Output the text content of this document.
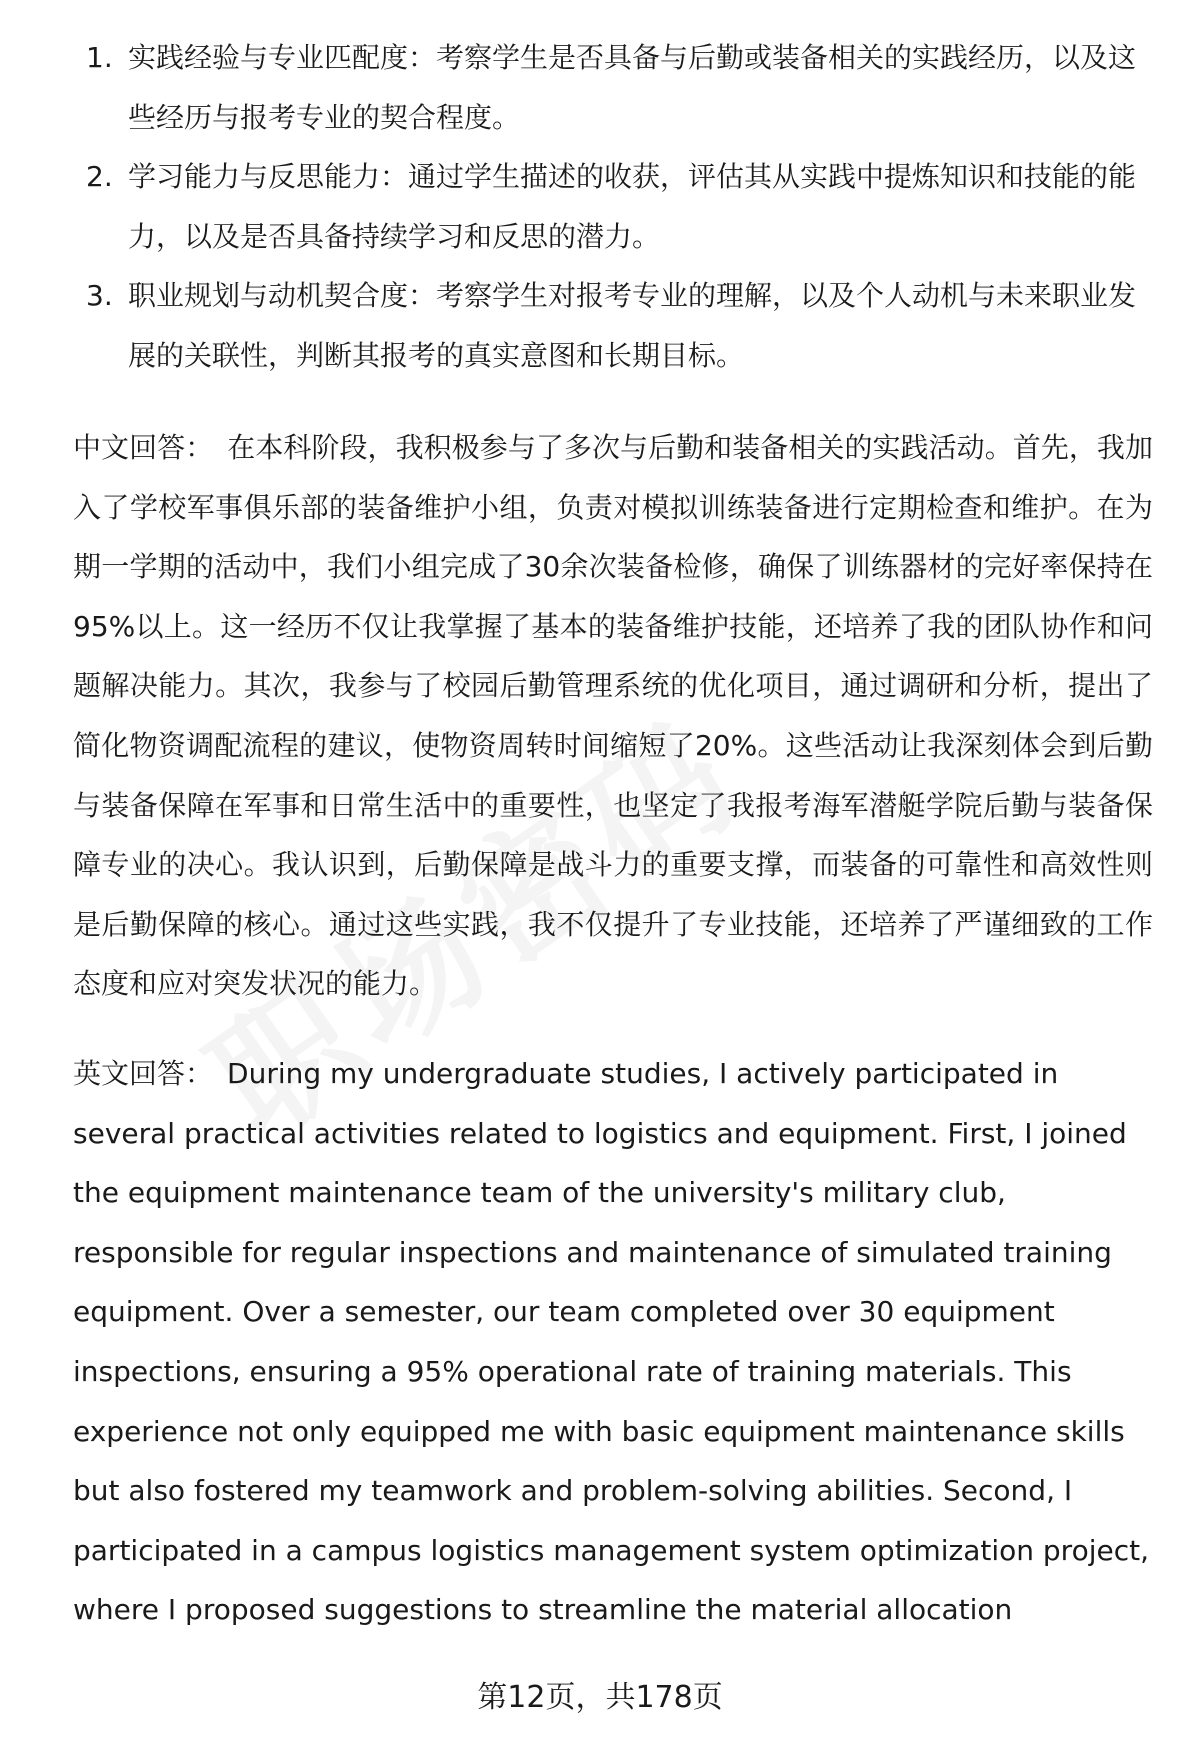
1. 实践经验与专业匹配度：考察学生是否具备与后勤或装备相关的实践经历，以及这些经历与报考专业的契合程度。
2. 学习能力与反思能力：通过学生描述的收获，评估其从实践中提炼知识和技能的能力，以及是否具备持续学习和反思的潜力。
3. 职业规划与动机契合度：考察学生对报考专业的理解，以及个人动机与未来职业发展的关联性，判断其报考的真实意图和长期目标。

中文回答： 在本科阶段，我积极参与了多次与后勤和装备相关的实践活动。首先，我加入了学校军事俱乐部的装备维护小组，负责对模拟训练装备进行定期检查和维护。在为期一学期的活动中，我们小组完成了30余次装备检修，确保了训练器材的完好率保持在95%以上。这一经历不仅让我掌握了基本的装备维护技能，还培养了我的团队协作和问题解决能力。其次，我参与了校园后勤管理系统的优化项目，通过调研和分析，提出了简化物资调配流程的建议，使物资周转时间缩短了20%。这些活动让我深刻体会到后勤与装备保障在军事和日常生活中的重要性，也坚定了我报考海军潜艇学院后勤与装备保障专业的决心。我认识到，后勤保障是战斗力的重要支撑，而装备的可靠性和高效性则是后勤保障的核心。通过这些实践，我不仅提升了专业技能，还培养了严谨细致的工作态度和应对突发状况的能力。

英文回答： During my undergraduate studies, I actively participated in several practical activities related to logistics and equipment. First, I joined the equipment maintenance team of the university's military club, responsible for regular inspections and maintenance of simulated training equipment. Over a semester, our team completed over 30 equipment inspections, ensuring a 95% operational rate of training materials. This experience not only equipped me with basic equipment maintenance skills but also fostered my teamwork and problem-solving abilities. Second, I participated in a campus logistics management system optimization project, where I proposed suggestions to streamline the material allocation

第12页，共178页
